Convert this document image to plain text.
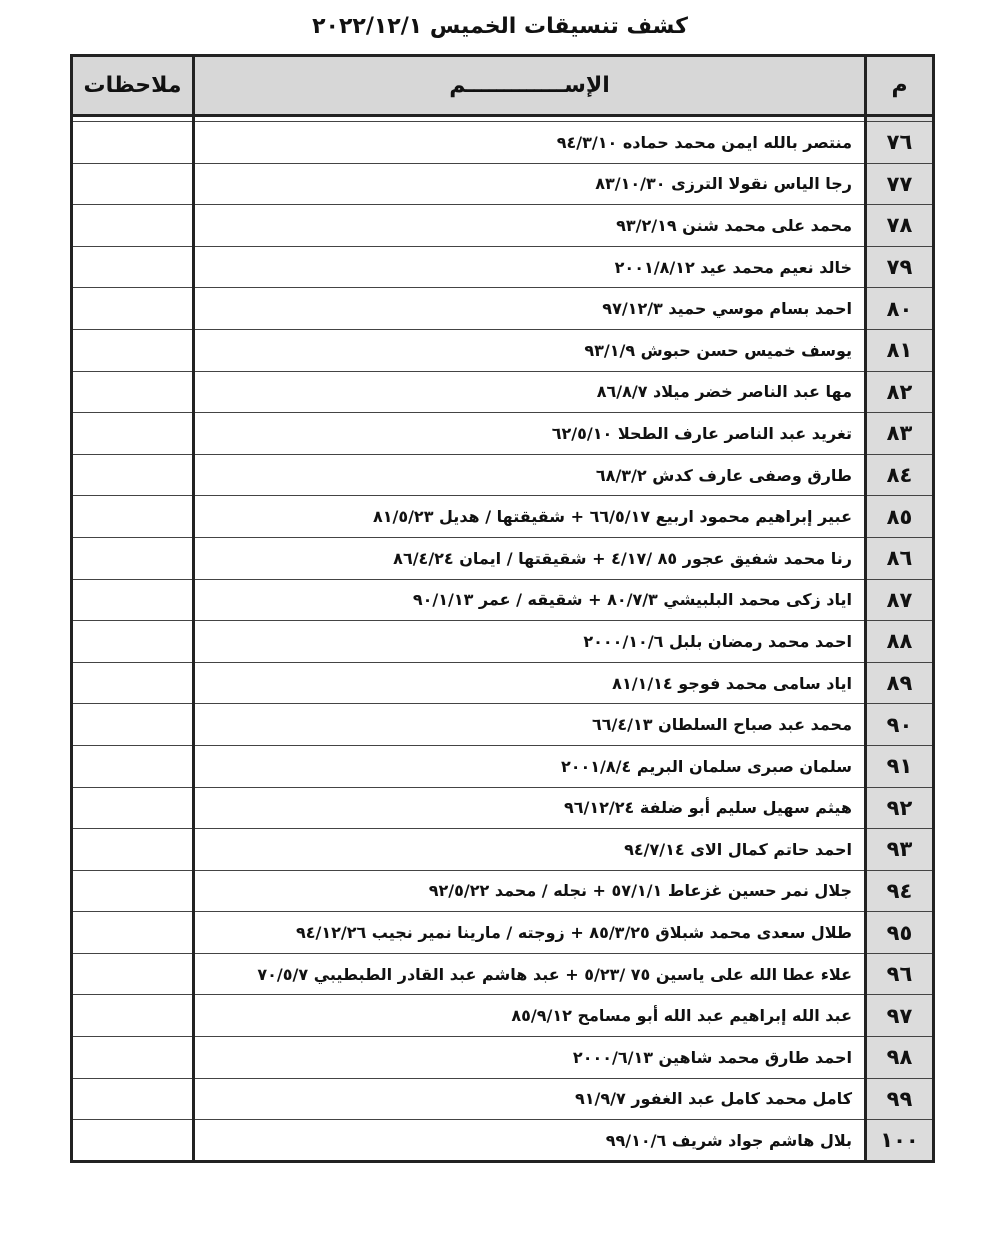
كشف تنسيقات الخميس ٢٠٢٢/١٢/١
م	الإســـــــــــــم	ملاحظات

٧٦	منتصر بالله ايمن محمد حماده ٩٤/٣/١٠	
٧٧	رجا الياس نقولا الترزى ٨٣/١٠/٣٠	
٧٨	محمد على محمد شنن ٩٣/٢/١٩	
٧٩	خالد نعيم محمد عيد ٢٠٠١/٨/١٢	
٨٠	احمد بسام موسي حميد ٩٧/١٢/٣	
٨١	يوسف خميس حسن حبوش ٩٣/١/٩	
٨٢	مها عبد الناصر خضر ميلاد ٨٦/٨/٧	
٨٣	تغريد عبد الناصر عارف الطحلا ٦٢/٥/١٠	
٨٤	طارق وصفى عارف كدش ٦٨/٣/٢	
٨٥	عبير إبراهيم محمود اربيع ٦٦/٥/١٧ + شقيقتها / هديل ٨١/٥/٢٣	
٨٦	رنا محمد شفيق عجور ٨٥ /٤/١٧ + شقيقتها / ايمان ٨٦/٤/٢٤	
٨٧	اياد زكى محمد البلبيشي ٨٠/٧/٣ + شقيقه / عمر ٩٠/١/١٣	
٨٨	احمد محمد رمضان بلبل ٢٠٠٠/١٠/٦	
٨٩	اياد سامى محمد فوجو ٨١/١/١٤	
٩٠	محمد عبد صباح السلطان ٦٦/٤/١٣	
٩١	سلمان صبرى سلمان البريم ٢٠٠١/٨/٤	
٩٢	هيثم سهيل سليم أبو ضلفة ٩٦/١٢/٢٤	
٩٣	احمد حاتم كمال الاى ٩٤/٧/١٤	
٩٤	جلال نمر حسين غزعاط ٥٧/١/١ + نجله / محمد ٩٢/٥/٢٢	
٩٥	طلال سعدى محمد شبلاق ٨٥/٣/٢٥ + زوجته / مارينا نمير نجيب ٩٤/١٢/٢٦	
٩٦	علاء عطا الله على ياسين ٧٥ /٥/٢٣ + عبد هاشم عبد القادر الطبطيبي ٧٠/٥/٧	
٩٧	عبد الله إبراهيم عبد الله أبو مسامح ٨٥/٩/١٢	
٩٨	احمد طارق محمد شاهين ٢٠٠٠/٦/١٣	
٩٩	كامل محمد كامل عبد الغفور ٩١/٩/٧	
١٠٠	بلال هاشم جواد شريف ٩٩/١٠/٦	
